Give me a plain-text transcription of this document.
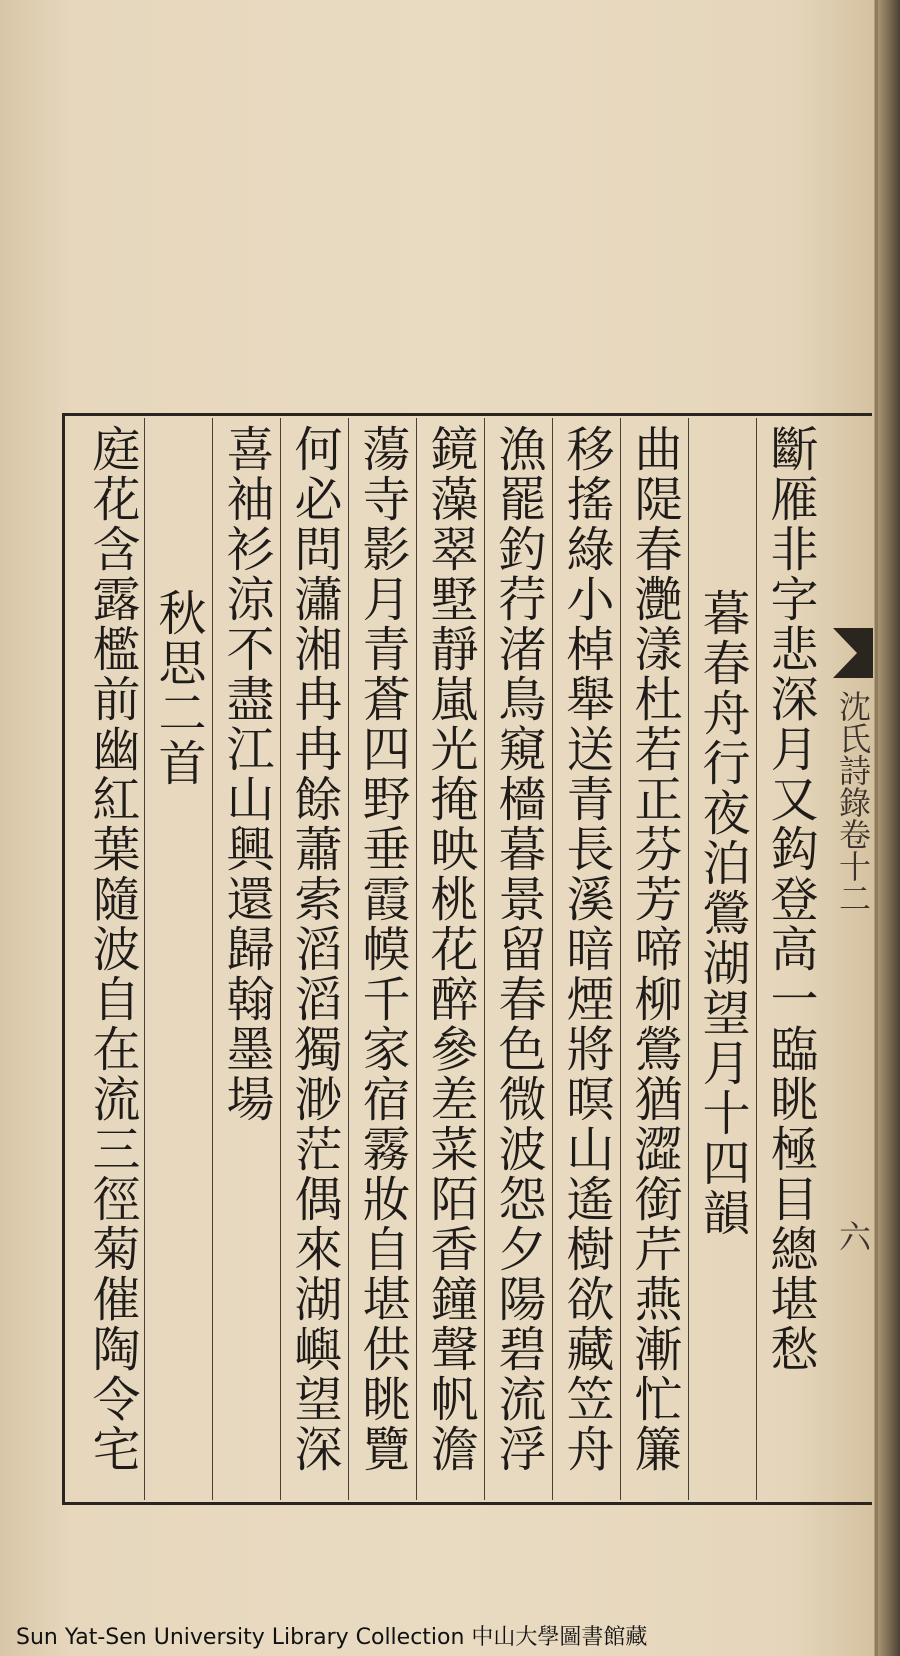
沈氏詩錄卷十二
六
斷雁非字悲深月又鈎登高一臨眺極目總堪愁
暮春舟行夜泊鶯湖望月十四韻
曲隄春灔漾杜若正芬芳啼柳鶯猶澀銜芹燕漸忙簾
移搖綠小棹舉送青長溪暗煙將暝山遙樹欲藏笠舟
漁罷釣荇渚鳥窺檣暮景留春色微波怨夕陽碧流浮
鏡藻翠墅靜嵐光掩映桃花醉參差菜陌香鐘聲帆澹
蕩寺影月青蒼四野垂霞幙千家宿霧妝自堪供眺覽
何必問瀟湘冉冉餘蕭索滔滔獨渺茫偶來湖嶼望深
喜袖衫涼不盡江山興還歸翰墨場
秋思二首
庭花含露檻前幽紅葉隨波自在流三徑菊催陶令宅
Sun Yat-Sen University Library Collection 中山大學圖書館藏
